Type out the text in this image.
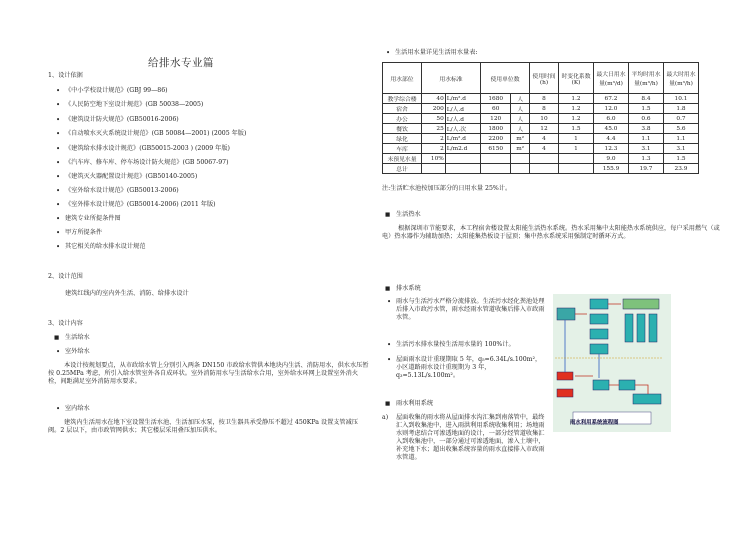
给排水专业篇
1、设计依据
• 《中小学校设计规范》(GBJ 99—86)
• 《人民防空地下室设计规范》(GB 50038—2005)
• 《建筑设计防火规范》(GB50016-2006)
• 《自动喷水灭火系统设计规范》(GB 50084—2001) (2005 年版)
• 《建筑给水排水设计规范》(GB50015-2003 ) (2009 年版)
• 《汽车库、修车库、停车场设计防火规范》(GB 50067-97)
• 《建筑灭火器配置设计规范》(GB50140-2005)
• 《室外给水设计规范》(GB50013-2006)
• 《室外排水设计规范》(GB50014-2006) (2011 年版)
• 建筑专业所提条件图
• 甲方所提条件
• 其它相关的给水排水设计规范
2、设计范围
建筑红线内的室内外生活、消防、给排水设计
3、设计内容
■ 生活给水
• 室外给水
本设计按规划要点，从市政给水管上分别引入两条 DN150 市政给水管供本地块内生活、消防用水，供水水压暂按 0.25MPa 考虑，所引入给水管室外各自成环状。室外消防用水与生活给水合用，室外给水环网上设置室外消火栓，间距满足室外消防用水要求。
• 室内给水
建筑内生活用水在地下室设置生活水池、生活加压水泵，按卫生器具承受静压不超过 450KPa 设置支管减压阀。2 层以下，由市政管网供水；其它楼层采用叠压加压供水。
• 生活用水量详见生活用水量表:
用水部位	用水标准		使用单位数		使用时间(h)	时变化系数(K)	最大日用水量(m³/d)	平均时用水量(m³/h)	最大时用水量(m³/h)
教学综合楼	40	L/m².d	1680	人	8	1.2	67.2	8.4	10.1
宿舍	200	L/人.d	60	人	8	1.2	12.0	1.5	1.8
办公	50	L/人.d	120	人	10	1.2	6.0	0.6	0.7
餐饮	25	L/人.次	1800	人	12	1.5	45.0	3.8	5.6
绿化	2	L/m².d	2200	m²	4	1	4.4	1.1	1.1
车库	2	L/m2.d	6150	m²	4	1	12.3	3.1	3.1
未预见水量	10%						9.0	1.3	1.5
总计							155.9	19.7	23.9
注:生活贮水池按加压部分的日用水量 25%计。
■ 生活热水
根据深圳市节能要求，本工程宿舍楼设置太阳能生活热水系统。热水采用集中太阳能热水系统供应，每户采用燃气（或电）热水器作为辅助加热；太阳能集热板设于屋顶；集中热水系统采用强制定时循环方式。
■ 排水系统
• 雨水与生活污水严格分流排放。生活污水经化粪池处理后排入市政污水管，雨水经雨水管道收集后排入市政雨水管。
• 生活污水排水量按生活用水量的 100%计。
• 屋面雨水设计重现期取 5 年，q₅=6.34L/s.100m²，小区道路雨水设计重现期为 3 年，q₃=5.13L/s.100m²。
■ 雨水利用系统
a) 屋面收集的雨水将从屋面排水沟汇集到南落管中，最终汇入到收集池中，进入雨洪利用系统收集利用；场地雨水则考虑结合可渗透地面的设计，一部分经管道收集汇入到收集池中，一部分通过可渗透地面，渗入土壤中，补充地下水；超出收集系统容量的雨水直接排入市政雨水管道。
雨水利用系统流程图
